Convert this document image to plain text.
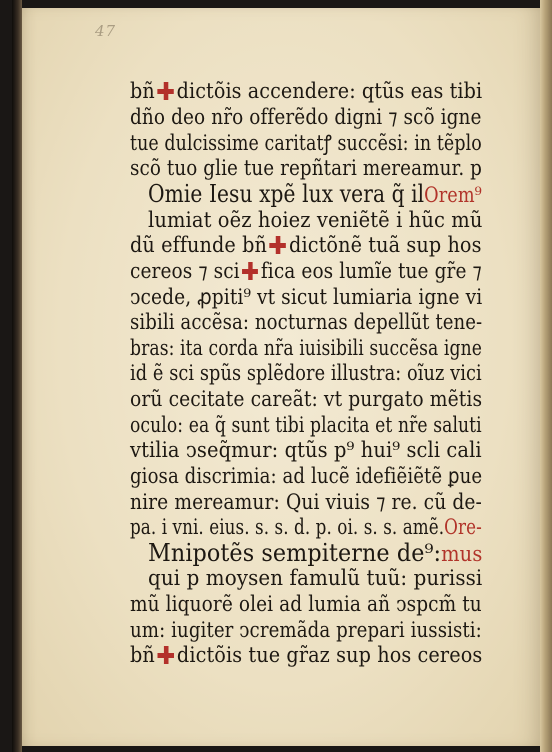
47
bñ dictõis accendere: qtũs eas tibi
dño deo nr̃o offerẽdo digni ⁊ scõ igne
tue dulcissime caritatꝭ succẽsi: in tẽplo
scõ tuo glie tue repñtari mereamur. p
Omie Iesu xpẽ lux vera q̃ ilOrem⁹
lumiat oẽz hoiez veniẽtẽ i hũc mũ
dũ effunde bñ dictõnẽ tuã sup hos
cereos ⁊ sci fica eos lumĩe tue gr̃e ⁊
ↄcede, ꝓpiti⁹ vt sicut lumiaria igne vi
sibili accẽsa: nocturnas depellũt tene-
bras: ita corda nr̃a iuisibili succẽsa igne
id ẽ sci spũs splẽdore illustra: oĩuz vici
orũ cecitate careãt: vt purgato mẽtis
oculo: ea q̃ sunt tibi placita et nr̃e saluti
vtilia ↄseq̃mur: qtũs p⁹ hui⁹ scli cali
giosa discrimia: ad lucẽ idefiẽiẽtẽ ꝑue
nire mereamur: Qui viuis ⁊ re. cũ de-
pa. i vni. eius. s. s. d. p. oi. s. s. amẽ.Ore-
Mnipotẽs sempiterne de⁹:mus
qui p moysen famulũ tuũ: purissi
mũ liquorẽ olei ad lumia añ ↄspcm̃ tu
um: iugiter ↄcremãda prepari iussisti:
bñ dictõis tue gr̃az sup hos cereos
